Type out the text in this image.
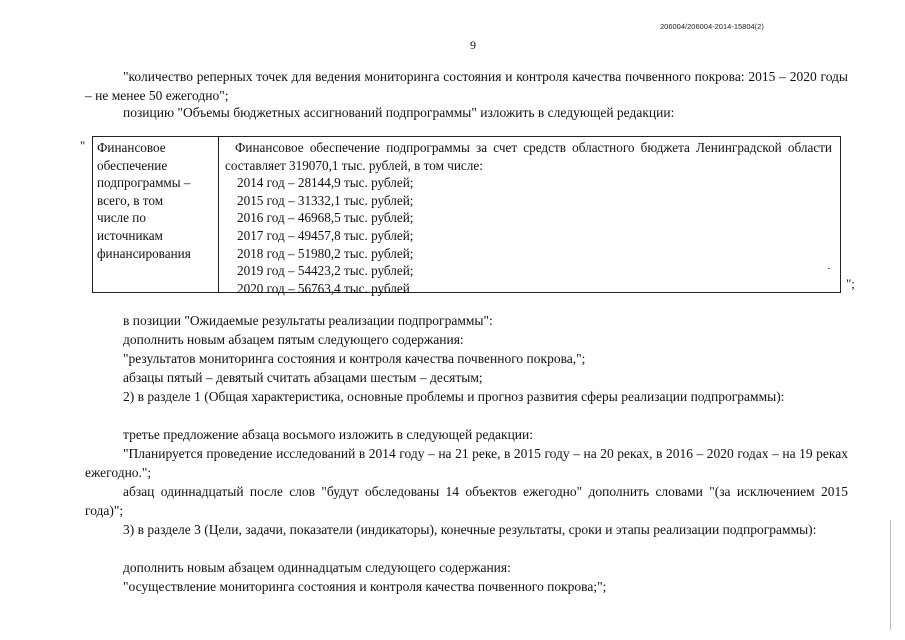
206004/206004-2014-15804(2)
9
"количество реперных точек для ведения мониторинга состояния и контроля качества почвенного покрова: 2015 – 2020 годы – не менее 50 ежегодно";
позицию "Объемы бюджетных ассигнований подпрограммы" изложить в следующей редакции:
" Финансовое
обеспечение
подпрограммы –
всего, в том
числе по
источникам
финансирования
Финансовое обеспечение подпрограммы за счет средств областного бюджета Ленинградской области составляет 319070,1 тыс. рублей, в том числе:
2014 год – 28144,9 тыс. рублей;
2015 год – 31332,1 тыс. рублей;
2016 год – 46968,5 тыс. рублей;
2017 год – 49457,8 тыс. рублей;
2018 год – 51980,2 тыс. рублей;
2019 год – 54423,2 тыс. рублей;
2020 год – 56763,4 тыс. рублей	";
в позиции "Ожидаемые результаты реализации подпрограммы":
дополнить новым абзацем пятым следующего содержания:
"результатов мониторинга состояния и контроля качества почвенного покрова,";
абзацы пятый – девятый считать абзацами шестым – десятым;
2) в разделе 1 (Общая характеристика, основные проблемы и прогноз развития сферы реализации подпрограммы):
третье предложение абзаца восьмого изложить в следующей редакции:
"Планируется проведение исследований в 2014 году – на 21 реке, в 2015 году – на 20 реках, в 2016 – 2020 годах – на 19 реках ежегодно.";
абзац одиннадцатый после слов "будут обследованы 14 объектов ежегодно" дополнить словами "(за исключением 2015 года)";
3) в разделе 3 (Цели, задачи, показатели (индикаторы), конечные результаты, сроки и этапы реализации подпрограммы):
дополнить новым абзацем одиннадцатым следующего содержания:
"осуществление мониторинга состояния и контроля качества почвенного покрова;";
